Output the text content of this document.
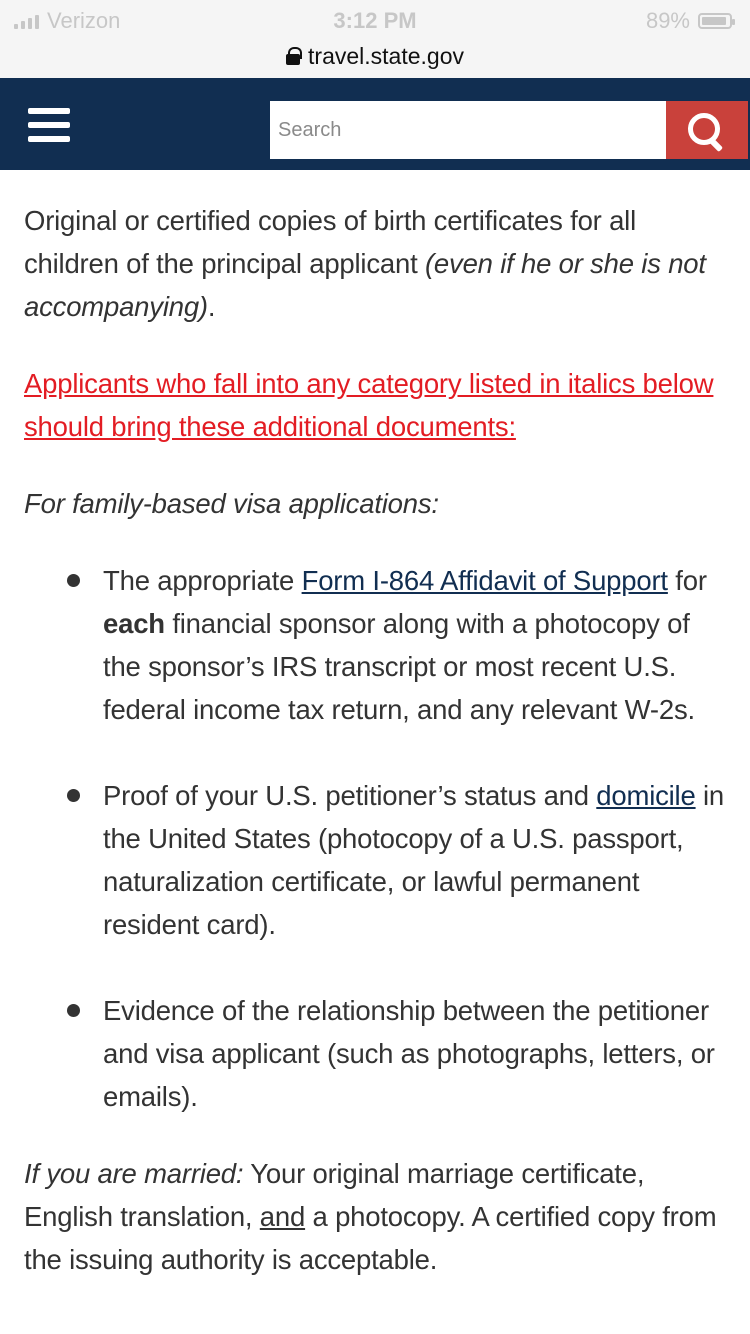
Verizon	3:12 PM	89%
travel.state.gov
Search

Original or certified copies of birth certificates for all children of the principal applicant (even if he or she is not accompanying).

Applicants who fall into any category listed in italics below should bring these additional documents:

For family-based visa applications:

The appropriate Form I-864 Affidavit of Support for each financial sponsor along with a photocopy of the sponsor’s IRS transcript or most recent U.S. federal income tax return, and any relevant W-2s.
Proof of your U.S. petitioner’s status and domicile in the United States (photocopy of a U.S. passport, naturalization certificate, or lawful permanent resident card).
Evidence of the relationship between the petitioner and visa applicant (such as photographs, letters, or emails).

If you are married: Your original marriage certificate, English translation, and a photocopy. A certified copy from the issuing authority is acceptable.
